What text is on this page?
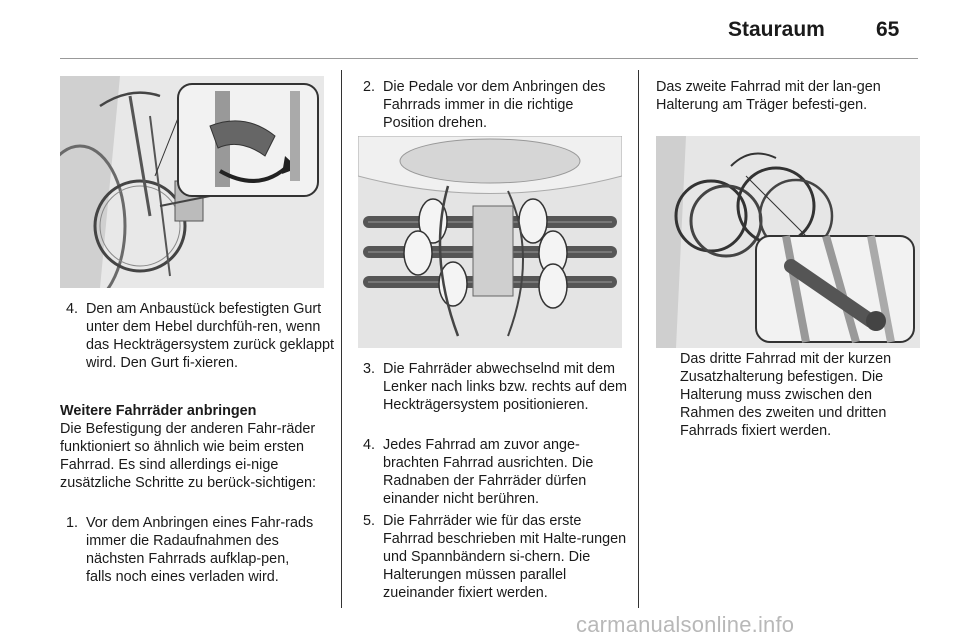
Stauraum 65
4. Den am Anbaustück befestigten Gurt unter dem Hebel durchfüh-ren, wenn das Heckträgersystem zurück geklappt wird. Den Gurt fi-xieren.
Weitere Fahrräder anbringen
Die Befestigung der anderen Fahr-räder funktioniert so ähnlich wie beim ersten Fahrrad. Es sind allerdings ei-nige zusätzliche Schritte zu berück-sichtigen:
1. Vor dem Anbringen eines Fahr-rads immer die Radaufnahmen des nächsten Fahrrads aufklap-pen, falls noch eines verladen wird.
2. Die Pedale vor dem Anbringen des Fahrrads immer in die richtige Position drehen.
3. Die Fahrräder abwechselnd mit dem Lenker nach links bzw. rechts auf dem Heckträgersystem positionieren.
4. Jedes Fahrrad am zuvor ange-brachten Fahrrad ausrichten. Die Radnaben der Fahrräder dürfen einander nicht berühren.
5. Die Fahrräder wie für das erste Fahrrad beschrieben mit Halte-rungen und Spannbändern si-chern. Die Halterungen müssen parallel zueinander fixiert werden.
Das zweite Fahrrad mit der lan-gen Halterung am Träger befesti-gen.
Das dritte Fahrrad mit der kurzen Zusatzhalterung befestigen. Die Halterung muss zwischen den Rahmen des zweiten und dritten Fahrrads fixiert werden.
carmanualsonline.info
